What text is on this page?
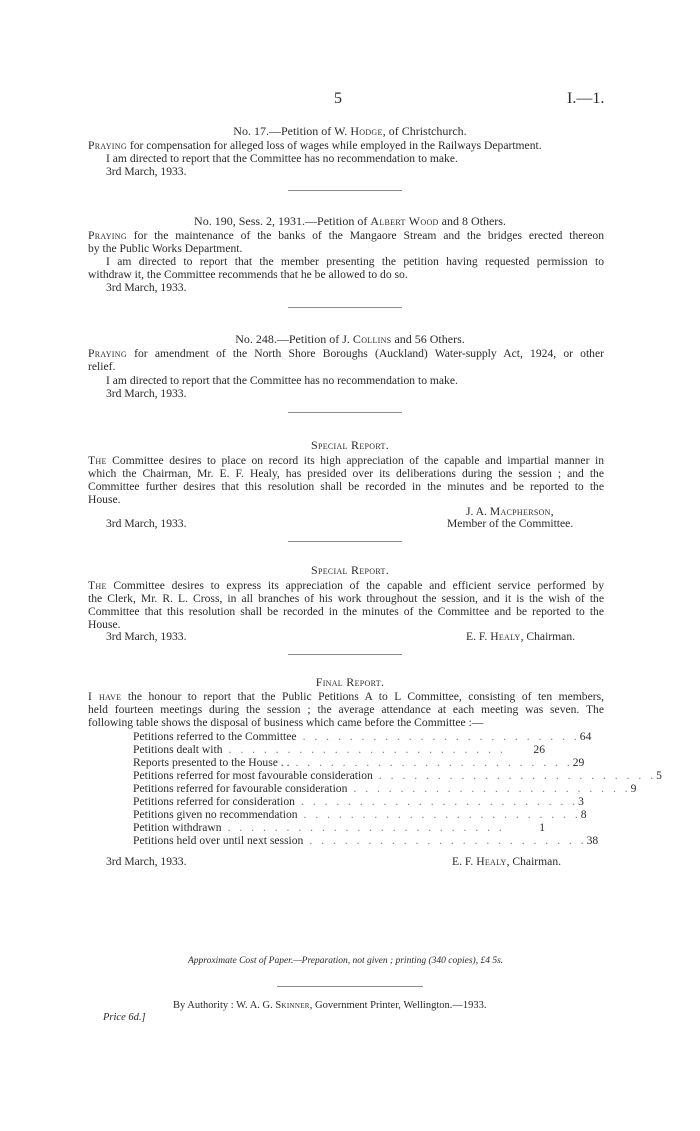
5	I.—1.
No. 17.—Petition of W. Hodge, of Christchurch.
Praying for compensation for alleged loss of wages while employed in the Railways Department.
I am directed to report that the Committee has no recommendation to make.
3rd March, 1933.
No. 190, Sess. 2, 1931.—Petition of Albert Wood and 8 Others.
Praying for the maintenance of the banks of the Mangaore Stream and the bridges erected thereon
by the Public Works Department.
I am directed to report that the member presenting the petition having requested permission to
withdraw it, the Committee recommends that he be allowed to do so.
3rd March, 1933.
No. 248.—Petition of J. Collins and 56 Others.
Praying for amendment of the North Shore Boroughs (Auckland) Water-supply Act, 1924, or other
relief.
I am directed to report that the Committee has no recommendation to make.
3rd March, 1933.
Special Report.
The Committee desires to place on record its high appreciation of the capable and impartial manner in
which the Chairman, Mr. E. F. Healy, has presided over its deliberations during the session ; and the
Committee further desires that this resolution shall be recorded in the minutes and be reported to the
House.
J. A. Macpherson,
3rd March, 1933.	Member of the Committee.
Special Report.
The Committee desires to express its appreciation of the capable and efficient service performed by
the Clerk, Mr. R. L. Cross, in all branches of his work throughout the session, and it is the wish of the
Committee that this resolution shall be recorded in the minutes of the Committee and be reported to the
House.
3rd March, 1933.	E. F. Healy, Chairman.
Final Report.
I have the honour to report that the Public Petitions A to L Committee, consisting of ten members,
held fourteen meetings during the session ; the average attendance at each meeting was seven. The
following table shows the disposal of business which came before the Committee :—
Petitions referred to the Committee . . . . . . . . . . . . . . . . . . . . . . . . 64
Petitions dealt with . . . . . . . . . . . . . . . . . . . . . . . .	26
Reports presented to the House . . . . . . . . . . . . . . . . . . . . . . . . . . 29
Petitions referred for most favourable consideration . . . . . . . . . . . . . . . . . . . . . . . . 5
Petitions referred for favourable consideration . . . . . . . . . . . . . . . . . . . . . . . . 9
Petitions referred for consideration . . . . . . . . . . . . . . . . . . . . . . . . 3
Petitions given no recommendation . . . . . . . . . . . . . . . . . . . . . . . . 8
Petition withdrawn . . . . . . . . . . . . . . . . . . . . . . . .	1
Petitions held over until next session . . . . . . . . . . . . . . . . . . . . . . . . 38
3rd March, 1933.	E. F. Healy, Chairman.
Approximate Cost of Paper.—Preparation, not given ; printing (340 copies), £4 5s.
By Authority : W. A. G. Skinner, Government Printer, Wellington.—1933.
Price 6d.]
